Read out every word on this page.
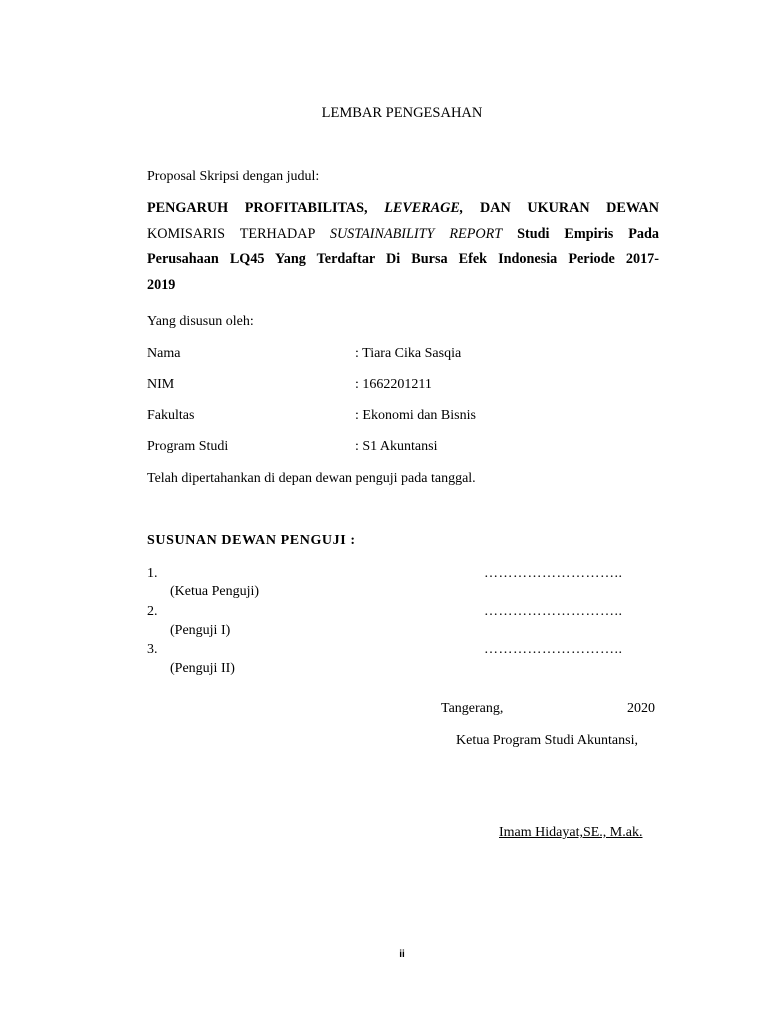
LEMBAR PENGESAHAN
Proposal Skripsi dengan judul:
PENGARUH PROFITABILITAS, LEVERAGE, DAN UKURAN DEWAN
KOMISARIS TERHADAP SUSTAINABILITY REPORT Studi Empiris Pada
Perusahaan LQ45 Yang Terdaftar Di Bursa Efek Indonesia Periode 2017-
2019
Yang disusun oleh:
Nama	: Tiara Cika Sasqia
NIM	: 1662201211
Fakultas	: Ekonomi dan Bisnis
Program Studi	: S1 Akuntansi
Telah dipertahankan di depan dewan penguji pada tanggal.
SUSUNAN DEWAN PENGUJI :
1.	………………………..
(Ketua Penguji)
2.	………………………..
(Penguji I)
3.	………………………..
(Penguji II)
Tangerang,	2020
Ketua Program Studi Akuntansi,
Imam Hidayat,SE., M.ak.
ii
